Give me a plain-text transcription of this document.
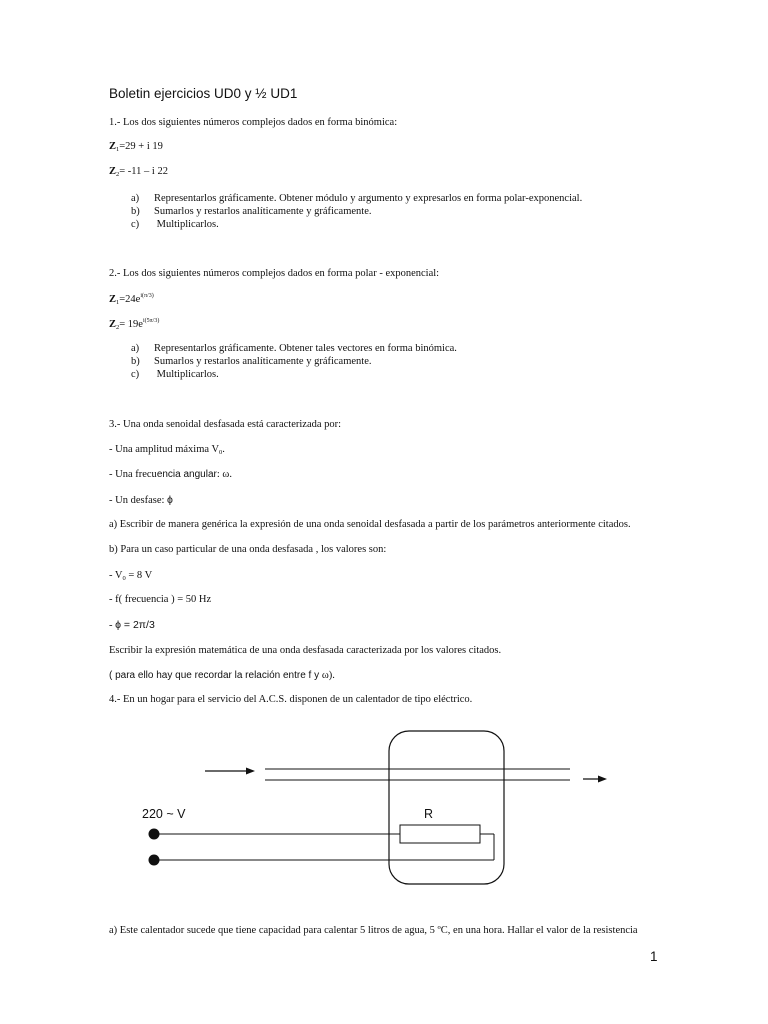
Boletin ejercicios UD0 y ½ UD1
1.- Los dos siguientes números complejos dados en forma binómica:
$Z_1=29 + i$ 19
$Z_2= -11 - i$ 22
a) Representarlos gráficamente. Obtener módulo y argumento y expresarlos en forma polar-exponencial.
b) Sumarlos y restarlos analíticamente y gráficamente.
c) Multiplicarlos.
2.- Los dos siguientes números complejos dados en forma polar - exponencial:
$Z_1=24e^{i(\pi/3)}$
$Z_2= 19e^{i(5\pi/3)}$
a) Representarlos gráficamente. Obtener tales vectores en forma binómica.
b) Sumarlos y restarlos analíticamente y gráficamente.
c) Multiplicarlos.
3.- Una onda senoidal desfasada está caracterizada por:
- Una amplitud máxima $V_0$.
- Una frecuencia angular: ω.
- Un desfase: ϕ
a) Escribir de manera genérica la expresión de una onda senoidal desfasada a partir de los parámetros anteriormente citados.
b) Para un caso particular de una onda desfasada , los valores son:
- $V_0 = 8$ V
- f( frecuencia ) = 50 Hz
- ϕ = 2π/3
Escribir la expresión matemática de una onda desfasada caracterizada por los valores citados.
( para ello hay que recordar la relación entre f y ω).
4.- En un hogar para el servicio del A.C.S. disponen de un calentador de tipo eléctrico.
220 ~ V	R
a) Este calentador sucede que tiene capacidad para calentar 5 litros de agua, 5 ºC, en una hora. Hallar el valor de la resistencia
1
